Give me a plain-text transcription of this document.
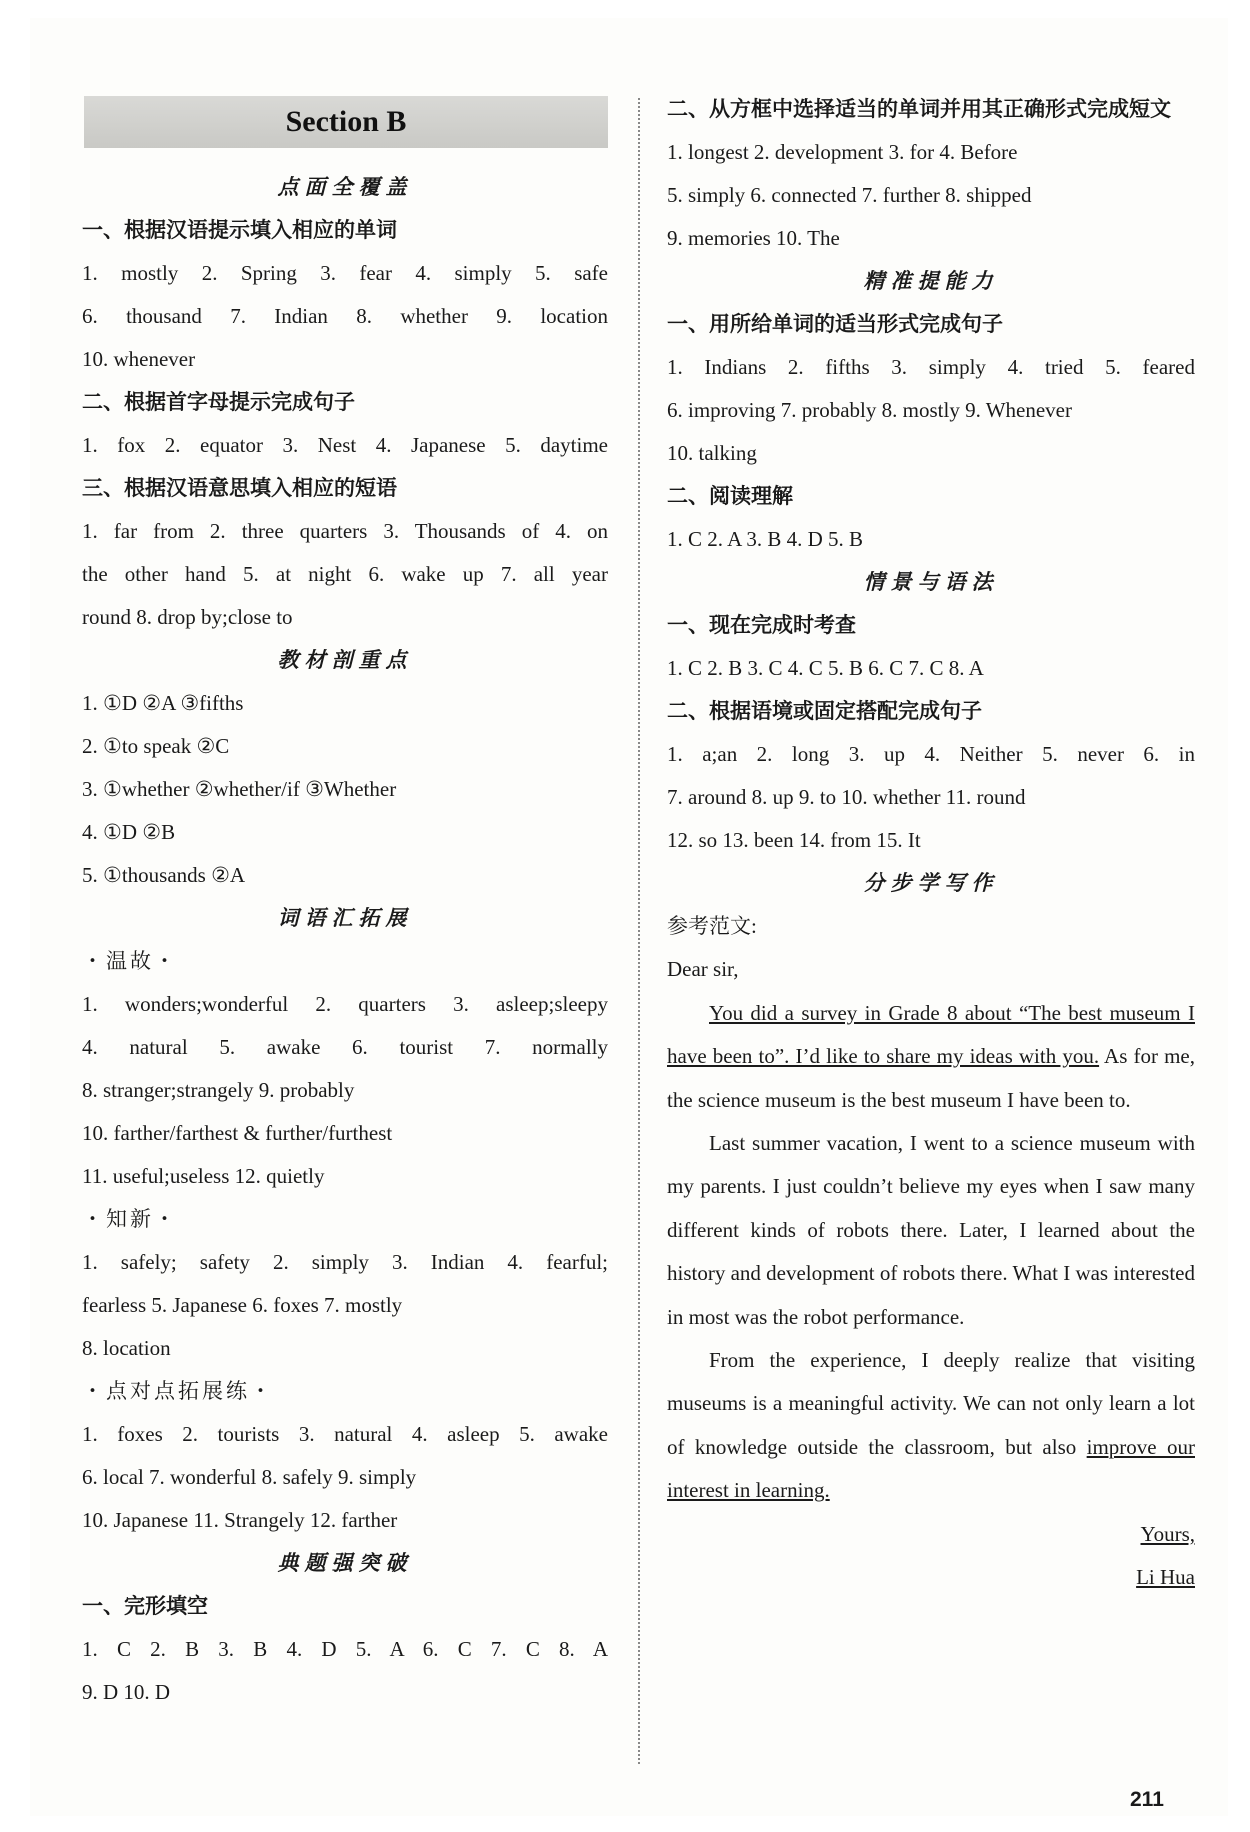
Section B
点面全覆盖
一、根据汉语提示填入相应的单词
1. mostly 2. Spring 3. fear 4. simply 5. safe
6. thousand 7. Indian 8. whether 9. location
10. whenever
二、根据首字母提示完成句子
1. fox 2. equator 3. Nest 4. Japanese 5. daytime
三、根据汉语意思填入相应的短语
1. far from 2. three quarters 3. Thousands of 4. on
the other hand 5. at night 6. wake up 7. all year
round 8. drop by;close to
教材剖重点
1. ①D ②A ③fifths
2. ①to speak ②C
3. ①whether ②whether/if ③Whether
4. ①D ②B
5. ①thousands ②A
词语汇拓展
・温故・
1. wonders;wonderful 2. quarters 3. asleep;sleepy
4. natural 5. awake 6. tourist 7. normally
8. stranger;strangely 9. probably
10. farther/farthest & further/furthest
11. useful;useless 12. quietly
・知新・
1. safely; safety 2. simply 3. Indian 4. fearful;
fearless 5. Japanese 6. foxes 7. mostly
8. location
・点对点拓展练・
1. foxes 2. tourists 3. natural 4. asleep 5. awake
6. local 7. wonderful 8. safely 9. simply
10. Japanese 11. Strangely 12. farther
典题强突破
一、完形填空
1. C 2. B 3. B 4. D 5. A 6. C 7. C 8. A
9. D 10. D
二、从方框中选择适当的单词并用其正确形式完成短文
1. longest 2. development 3. for 4. Before
5. simply 6. connected 7. further 8. shipped
9. memories 10. The
精准提能力
一、用所给单词的适当形式完成句子
1. Indians 2. fifths 3. simply 4. tried 5. feared
6. improving 7. probably 8. mostly 9. Whenever
10. talking
二、阅读理解
1. C 2. A 3. B 4. D 5. B
情景与语法
一、现在完成时考查
1. C 2. B 3. C 4. C 5. B 6. C 7. C 8. A
二、根据语境或固定搭配完成句子
1. a;an 2. long 3. up 4. Neither 5. never 6. in
7. around 8. up 9. to 10. whether 11. round
12. so 13. been 14. from 15. It
分步学写作

参考范文:

Dear sir,

You did a survey in Grade 8 about “The best museum I have been to”. I’d like to share my ideas with you. As for me, the science museum is the best museum I have been to.

Last summer vacation, I went to a science museum with my parents. I just couldn’t believe my eyes when I saw many different kinds of robots there. Later, I learned about the history and development of robots there. What I was interested in most was the robot performance.

From the experience, I deeply realize that visiting museums is a meaningful activity. We can not only learn a lot of knowledge outside the classroom, but also improve our interest in learning.

Yours,

Li Hua

211
